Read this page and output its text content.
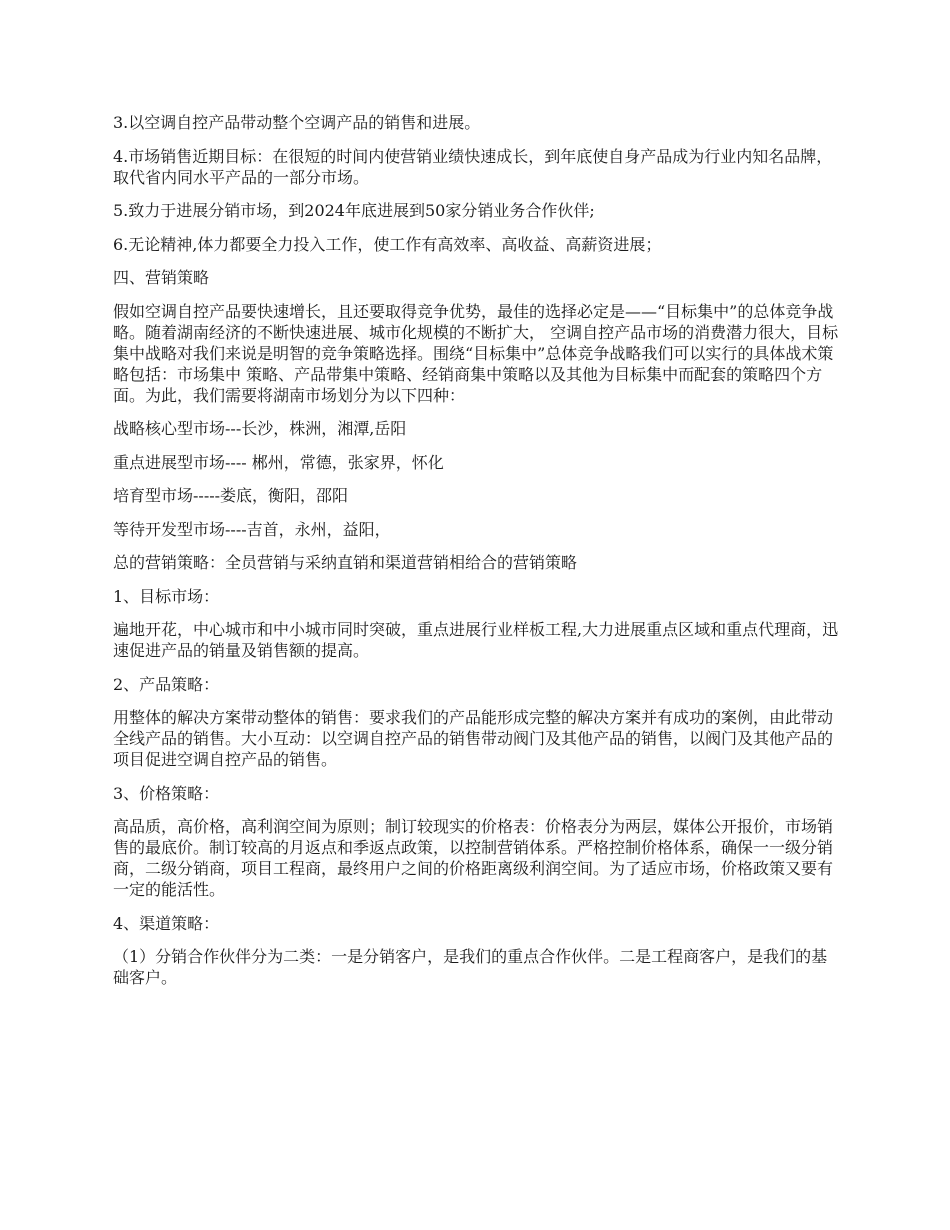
3.以空调自控产品带动整个空调产品的销售和进展。

4.市场销售近期目标：在很短的时间内使营销业绩快速成长，到年底使自身产品成为行业内知名品牌，取代省内同水平产品的一部分市场。

5.致力于进展分销市场，到2024年底进展到50家分销业务合作伙伴;

6.无论精神,体力都要全力投入工作，使工作有高效率、高收益、高薪资进展；

四、营销策略

假如空调自控产品要快速增长，且还要取得竞争优势，最佳的选择必定是——“目标集中”的总体竞争战略。随着湖南经济的不断快速进展、城市化规模的不断扩大， 空调自控产品市场的消费潜力很大，目标集中战略对我们来说是明智的竞争策略选择。围绕“目标集中”总体竞争战略我们可以实行的具体战术策略包括：市场集中 策略、产品带集中策略、经销商集中策略以及其他为目标集中而配套的策略四个方面。为此，我们需要将湖南市场划分为以下四种：

战略核心型市场---长沙，株洲，湘潭,岳阳

重点进展型市场---- 郴州，常德，张家界，怀化

培育型市场-----娄底，衡阳，邵阳

等待开发型市场----吉首，永州，益阳，

总的营销策略：全员营销与采纳直销和渠道营销相给合的营销策略

1、目标市场：

遍地开花，中心城市和中小城市同时突破，重点进展行业样板工程,大力进展重点区域和重点代理商，迅速促进产品的销量及销售额的提高。

2、产品策略：

用整体的解决方案带动整体的销售：要求我们的产品能形成完整的解决方案并有成功的案例，由此带动全线产品的销售。大小互动：以空调自控产品的销售带动阀门及其他产品的销售，以阀门及其他产品的项目促进空调自控产品的销售。

3、价格策略：

高品质，高价格，高利润空间为原则；制订较现实的价格表：价格表分为两层，媒体公开报价，市场销售的最底价。制订较高的月返点和季返点政策，以控制营销体系。严格控制价格体系，确保一一级分销商，二级分销商，项目工程商，最终用户之间的价格距离级利润空间。为了适应市场，价格政策又要有一定的能活性。

4、渠道策略：

（1）分销合作伙伴分为二类：一是分销客户，是我们的重点合作伙伴。二是工程商客户，是我们的基础客户。
